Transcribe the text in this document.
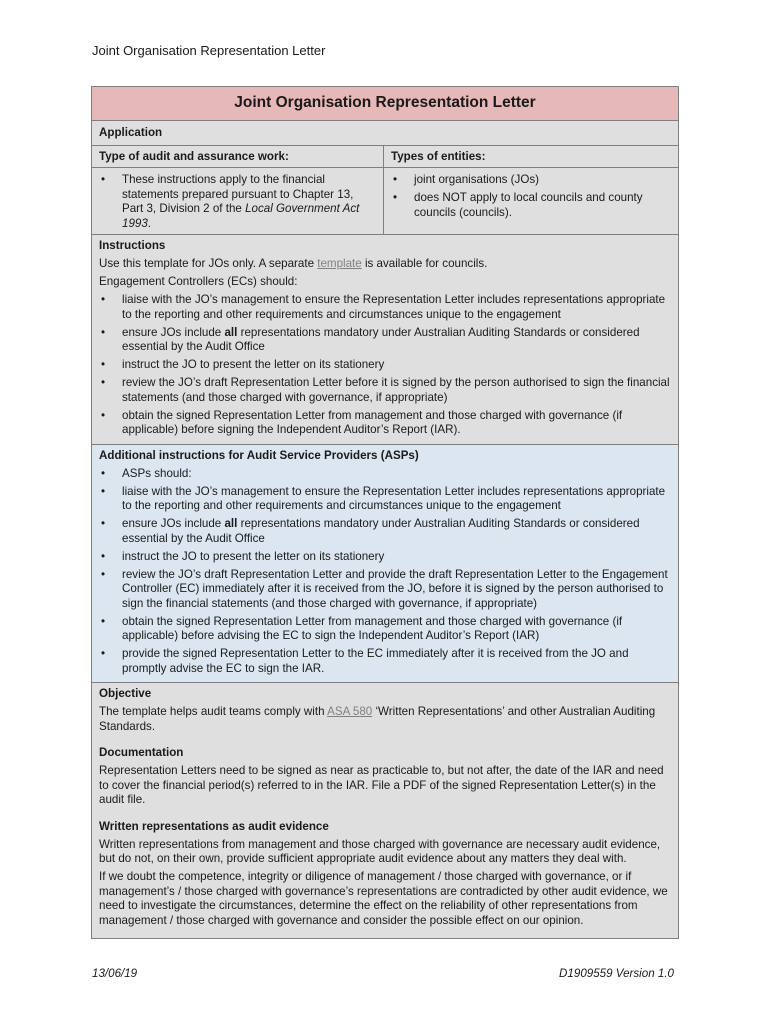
Joint Organisation Representation Letter
Joint Organisation Representation Letter
Application
Type of audit and assurance work:	Types of entities:
• These instructions apply to the financial statements prepared pursuant to Chapter 13, Part 3, Division 2 of the Local Government Act 1993.
• joint organisations (JOs)
• does NOT apply to local councils and county councils (councils).

Instructions

Use this template for JOs only. A separate template is available for councils.

Engagement Controllers (ECs) should:

• liaise with the JO’s management to ensure the Representation Letter includes representations appropriate to the reporting and other requirements and circumstances unique to the engagement
• ensure JOs include all representations mandatory under Australian Auditing Standards or considered essential by the Audit Office
• instruct the JO to present the letter on its stationery
• review the JO’s draft Representation Letter before it is signed by the person authorised to sign the financial statements (and those charged with governance, if appropriate)
• obtain the signed Representation Letter from management and those charged with governance (if applicable) before signing the Independent Auditor’s Report (IAR).

Additional instructions for Audit Service Providers (ASPs)

• ASPs should:
• liaise with the JO’s management to ensure the Representation Letter includes representations appropriate to the reporting and other requirements and circumstances unique to the engagement
• ensure JOs include all representations mandatory under Australian Auditing Standards or considered essential by the Audit Office
• instruct the JO to present the letter on its stationery
• review the JO’s draft Representation Letter and provide the draft Representation Letter to the Engagement Controller (EC) immediately after it is received from the JO, before it is signed by the person authorised to sign the financial statements (and those charged with governance, if appropriate)
• obtain the signed Representation Letter from management and those charged with governance (if applicable) before advising the EC to sign the Independent Auditor’s Report (IAR)
• provide the signed Representation Letter to the EC immediately after it is received from the JO and promptly advise the EC to sign the IAR.

Objective

The template helps audit teams comply with ASA 580 ‘Written Representations’ and other Australian Auditing Standards.

Documentation

Representation Letters need to be signed as near as practicable to, but not after, the date of the IAR and need to cover the financial period(s) referred to in the IAR. File a PDF of the signed Representation Letter(s) in the audit file.

Written representations as audit evidence

Written representations from management and those charged with governance are necessary audit evidence, but do not, on their own, provide sufficient appropriate audit evidence about any matters they deal with.

If we doubt the competence, integrity or diligence of management / those charged with governance, or if management’s / those charged with governance’s representations are contradicted by other audit evidence, we need to investigate the circumstances, determine the effect on the reliability of other representations from management / those charged with governance and consider the possible effect on our opinion.

13/06/19	D1909559 Version 1.0
